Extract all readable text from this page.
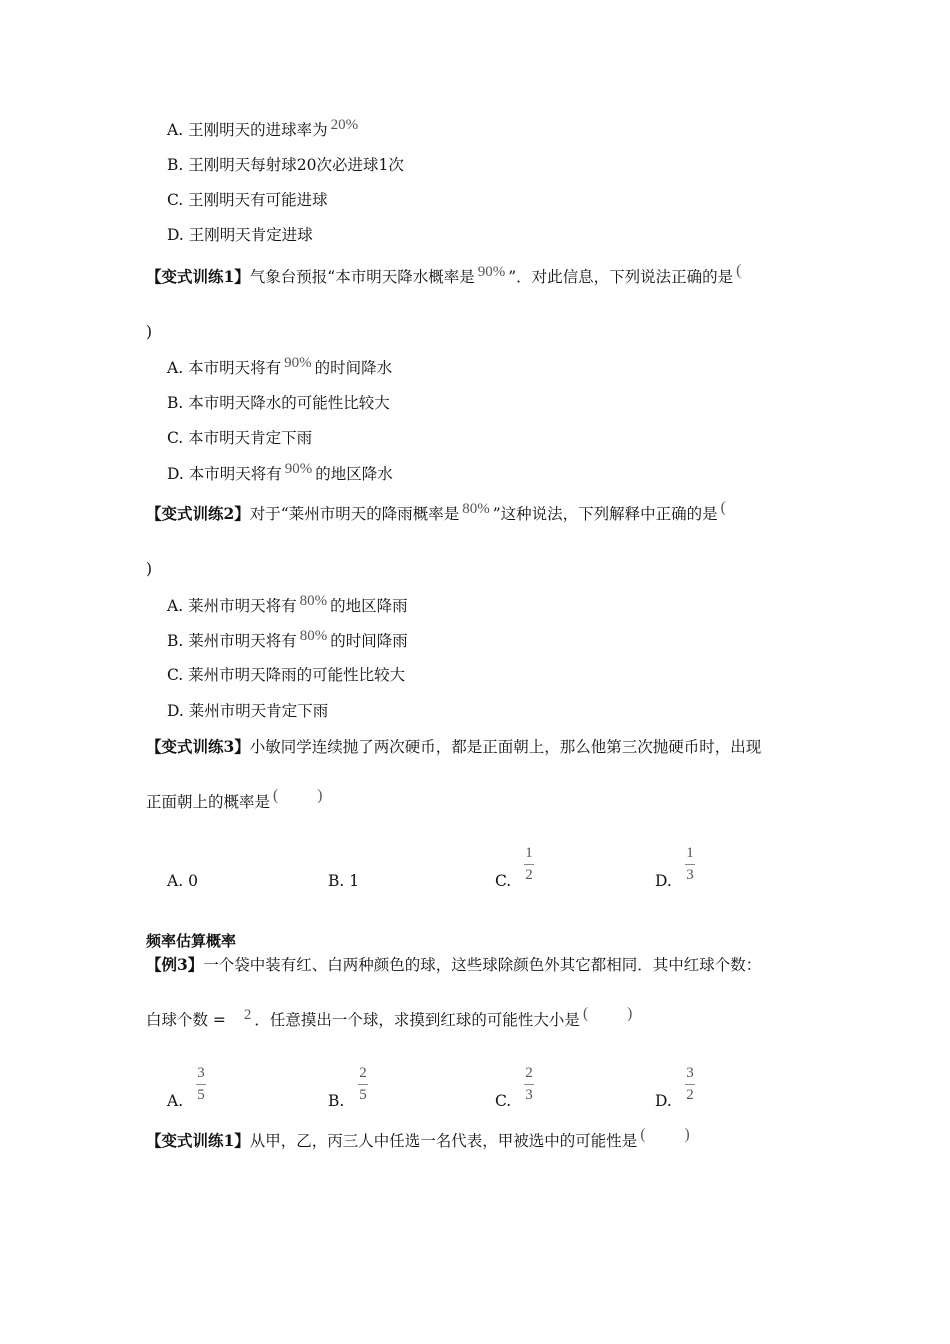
A. 王刚明天的进球率为 20%
B. 王刚明天每射球20次必进球1次
C. 王刚明天有可能进球
D. 王刚明天肯定进球
【变式训练1】气象台预报“本市明天降水概率是 90% ”．对此信息，下列说法正确的是 (
)
A. 本市明天将有 90% 的时间降水
B. 本市明天降水的可能性比较大
C. 本市明天肯定下雨
D. 本市明天将有 90% 的地区降水
【变式训练2】对于“莱州市明天的降雨概率是 80% ”这种说法，下列解释中正确的是 (
)
A. 莱州市明天将有 80% 的地区降雨
B. 莱州市明天将有 80% 的时间降雨
C. 莱州市明天降雨的可能性比较大
D. 莱州市明天肯定下雨
【变式训练3】小敏同学连续抛了两次硬币，都是正面朝上，那么他第三次抛硬币时，出现
正面朝上的概率是 (	)
A. 0	B. 1	C.
1
2	D.
1
3
频率估算概率
【例3】一个袋中装有红、白两种颜色的球，这些球除颜色外其它都相同．其中红球个数：
白球个数 = 2 ．任意摸出一个球，求摸到红球的可能性大小是 (	)
A.
3
5	B.
2
5	C.
2
3	D.
3
2
【变式训练1】从甲，乙，丙三人中任选一名代表，甲被选中的可能性是 (	)
